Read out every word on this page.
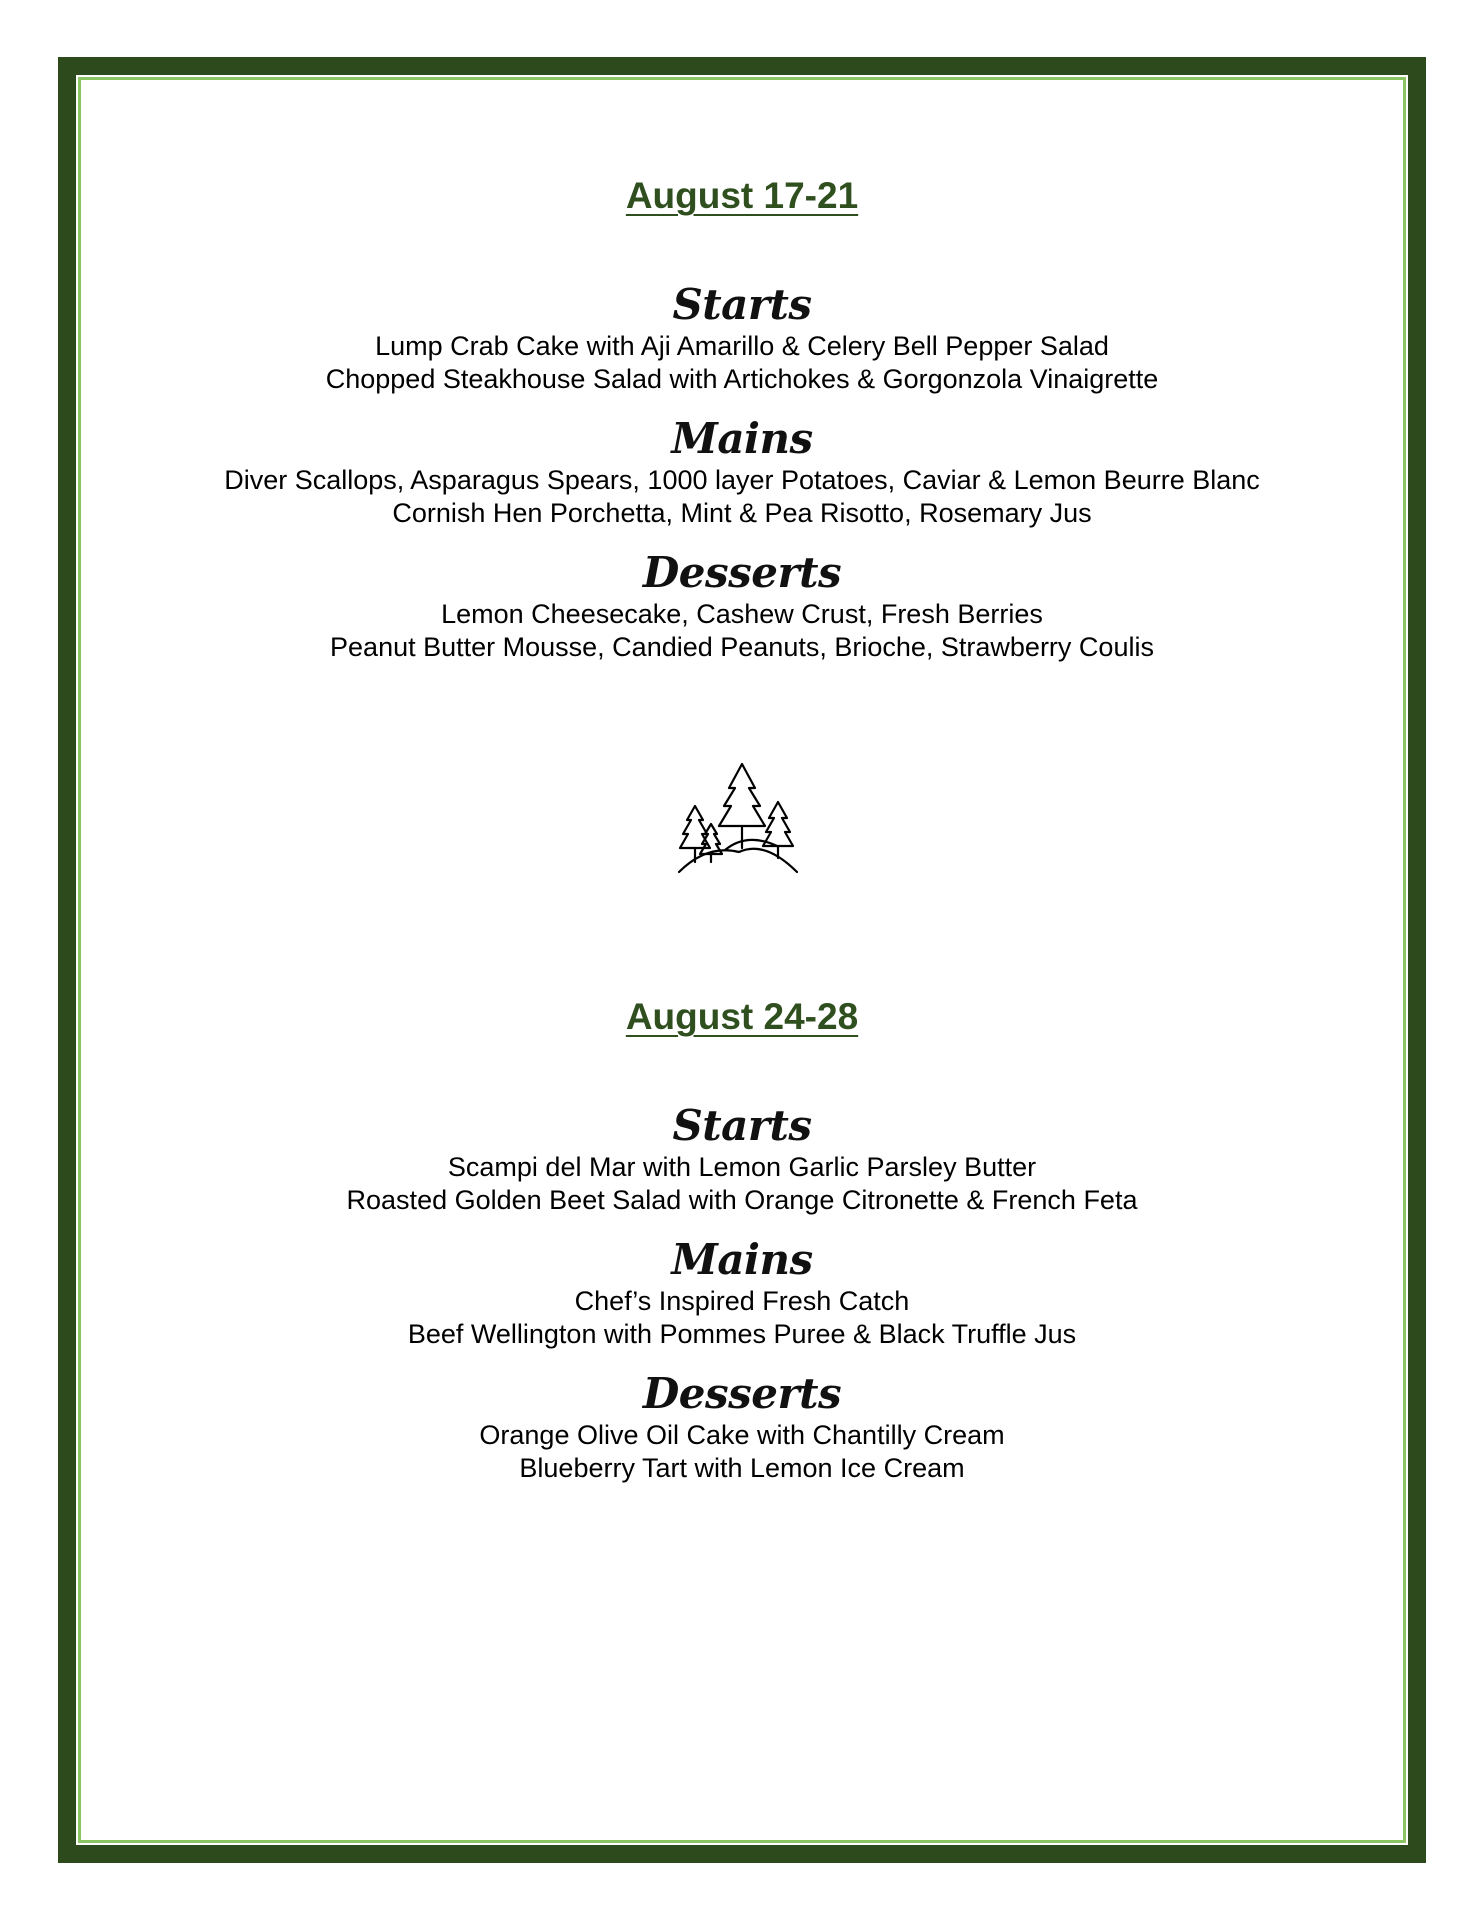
August 17-21
Starts

Lump Crab Cake with Aji Amarillo & Celery Bell Pepper Salad

Chopped Steakhouse Salad with Artichokes & Gorgonzola Vinaigrette

Mains

Diver Scallops, Asparagus Spears, 1000 layer Potatoes, Caviar & Lemon Beurre Blanc

Cornish Hen Porchetta, Mint & Pea Risotto, Rosemary Jus

Desserts

Lemon Cheesecake, Cashew Crust, Fresh Berries

Peanut Butter Mousse, Candied Peanuts, Brioche, Strawberry Coulis

August 24-28
Starts

Scampi del Mar with Lemon Garlic Parsley Butter

Roasted Golden Beet Salad with Orange Citronette & French Feta

Mains

Chef’s Inspired Fresh Catch

Beef Wellington with Pommes Puree & Black Truffle Jus

Desserts

Orange Olive Oil Cake with Chantilly Cream

Blueberry Tart with Lemon Ice Cream
